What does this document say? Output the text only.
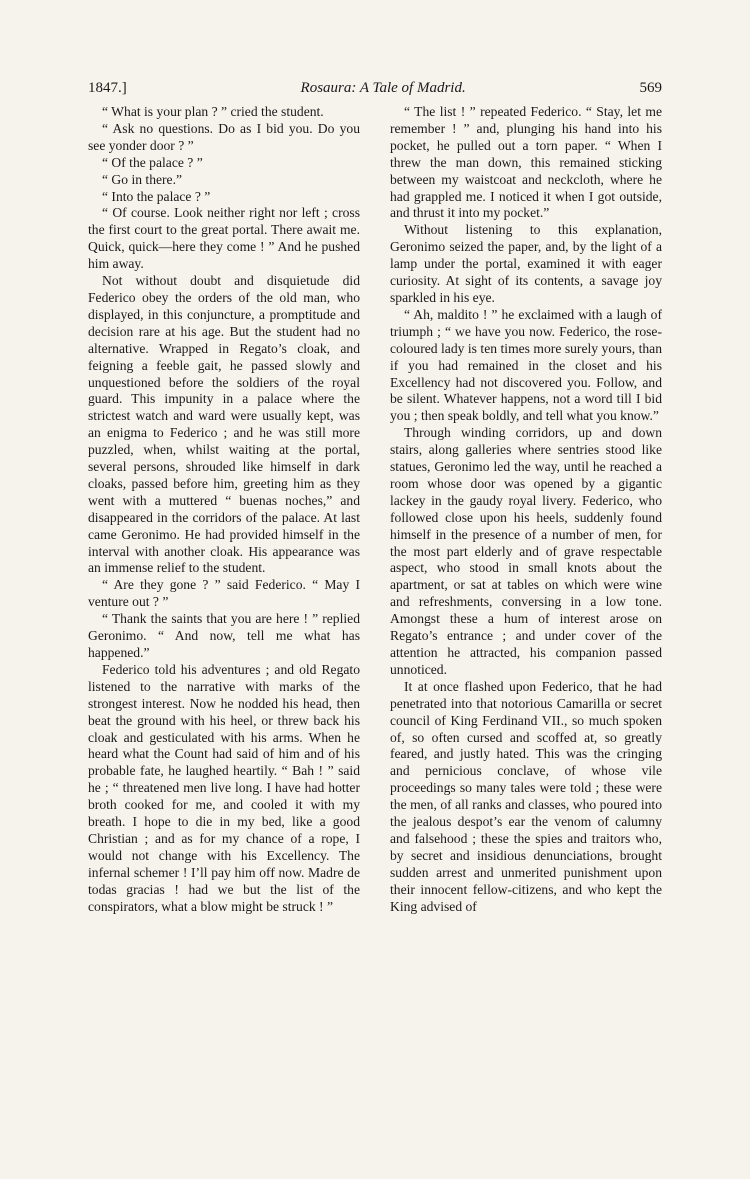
1847.]	Rosaura: A Tale of Madrid.	569

“ What is your plan ? ” cried the student.

“ Ask no questions. Do as I bid you. Do you see yonder door ? ”

“ Of the palace ? ”

“ Go in there.”

“ Into the palace ? ”

“ Of course. Look neither right nor left ; cross the first court to the great portal. There await me. Quick, quick—here they come ! ” And he pushed him away.

Not without doubt and disquietude did Federico obey the orders of the old man, who displayed, in this conjuncture, a promptitude and decision rare at his age. But the student had no alternative. Wrapped in Regato’s cloak, and feigning a feeble gait, he passed slowly and unquestioned before the soldiers of the royal guard. This impunity in a palace where the strictest watch and ward were usually kept, was an enigma to Federico ; and he was still more puzzled, when, whilst waiting at the portal, several persons, shrouded like himself in dark cloaks, passed before him, greeting him as they went with a muttered “ buenas noches,” and disappeared in the corridors of the palace. At last came Geronimo. He had provided himself in the interval with another cloak. His appearance was an immense relief to the student.

“ Are they gone ? ” said Federico. “ May I venture out ? ”

“ Thank the saints that you are here ! ” replied Geronimo. “ And now, tell me what has happened.”

Federico told his adventures ; and old Regato listened to the narrative with marks of the strongest interest. Now he nodded his head, then beat the ground with his heel, or threw back his cloak and gesticulated with his arms. When he heard what the Count had said of him and of his probable fate, he laughed heartily. “ Bah ! ” said he ; “ threatened men live long. I have had hotter broth cooked for me, and cooled it with my breath. I hope to die in my bed, like a good Christian ; and as for my chance of a rope, I would not change with his Excellency. The infernal schemer ! I’ll pay him off now. Madre de todas gracias ! had we but the list of the conspirators, what a blow might be struck ! ”

“ The list ! ” repeated Federico. “ Stay, let me remember ! ” and, plunging his hand into his pocket, he pulled out a torn paper. “ When I threw the man down, this remained sticking between my waistcoat and neckcloth, where he had grappled me. I noticed it when I got outside, and thrust it into my pocket.”

Without listening to this explanation, Geronimo seized the paper, and, by the light of a lamp under the portal, examined it with eager curiosity. At sight of its contents, a savage joy sparkled in his eye.

“ Ah, maldito ! ” he exclaimed with a laugh of triumph ; “ we have you now. Federico, the rose-coloured lady is ten times more surely yours, than if you had remained in the closet and his Excellency had not discovered you. Follow, and be silent. Whatever happens, not a word till I bid you ; then speak boldly, and tell what you know.”

Through winding corridors, up and down stairs, along galleries where sentries stood like statues, Geronimo led the way, until he reached a room whose door was opened by a gigantic lackey in the gaudy royal livery. Federico, who followed close upon his heels, suddenly found himself in the presence of a number of men, for the most part elderly and of grave respectable aspect, who stood in small knots about the apartment, or sat at tables on which were wine and refreshments, conversing in a low tone. Amongst these a hum of interest arose on Regato’s entrance ; and under cover of the attention he attracted, his companion passed unnoticed.

It at once flashed upon Federico, that he had penetrated into that notorious Camarilla or secret council of King Ferdinand VII., so much spoken of, so often cursed and scoffed at, so greatly feared, and justly hated. This was the cringing and pernicious conclave, of whose vile proceedings so many tales were told ; these were the men, of all ranks and classes, who poured into the jealous despot’s ear the venom of calumny and falsehood ; these the spies and traitors who, by secret and insidious denunciations, brought sudden arrest and unmerited punishment upon their innocent fellow-citizens, and who kept the King advised of
